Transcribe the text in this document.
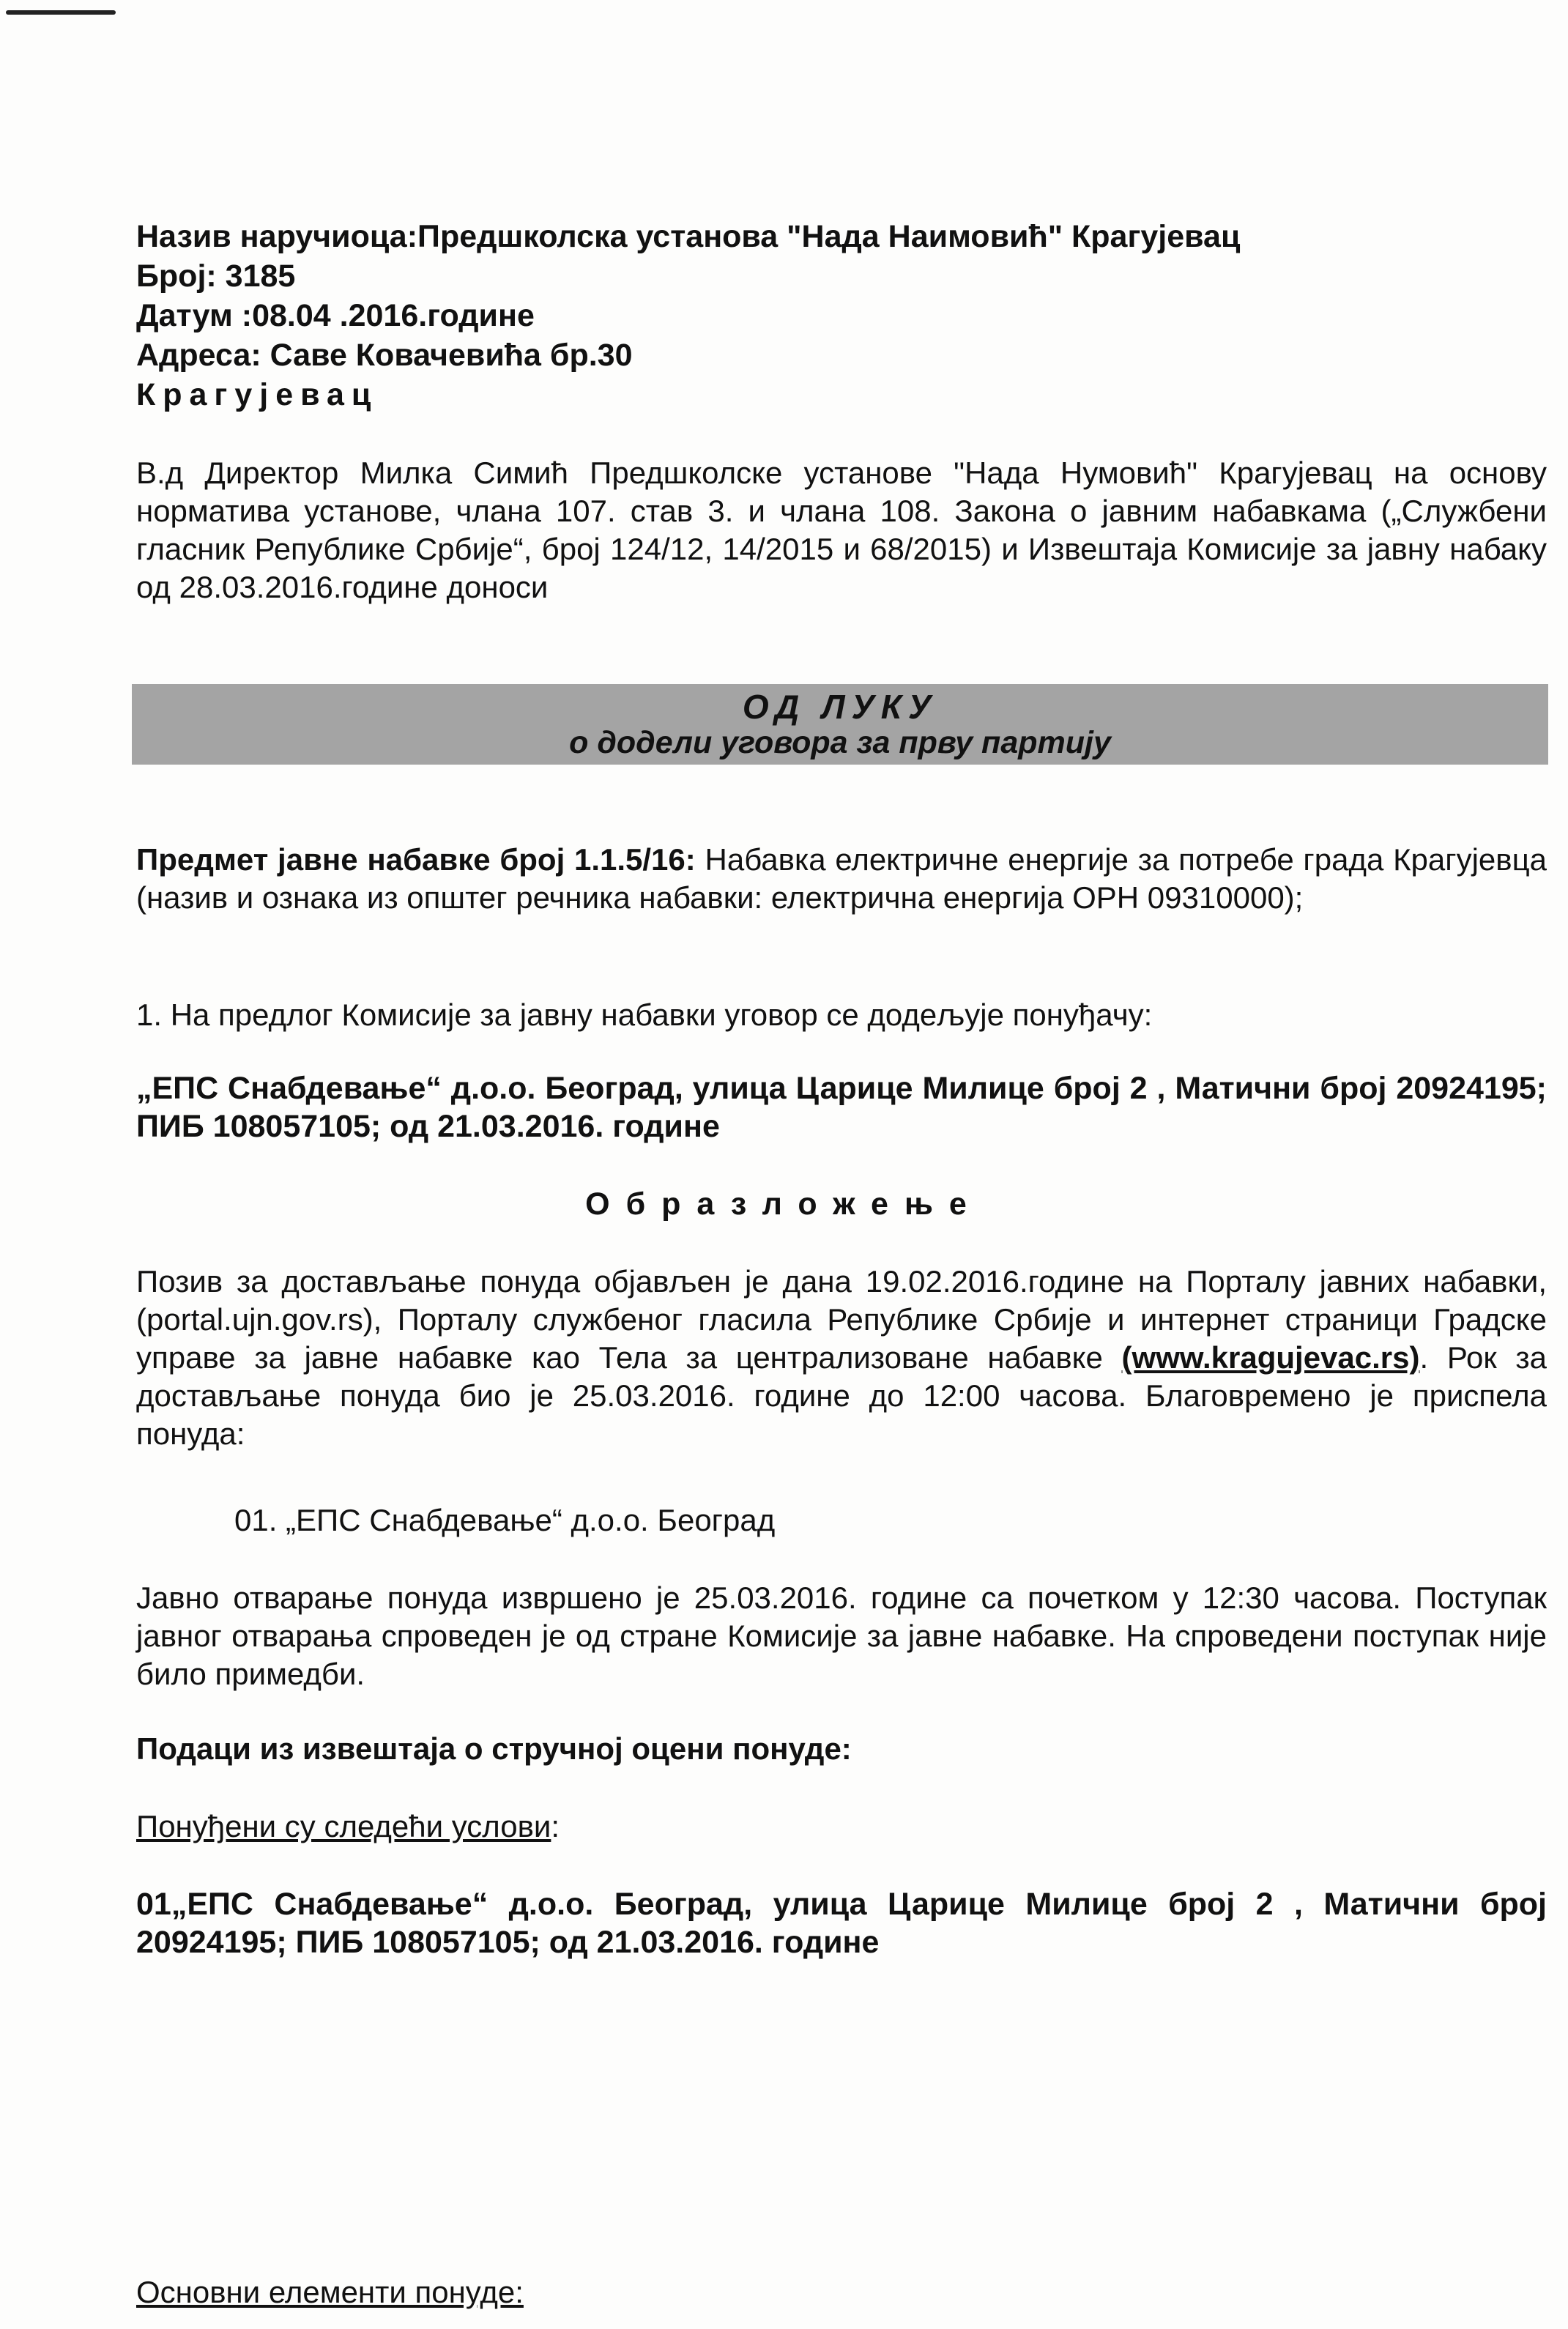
Назив наручиоца:Предшколска установа "Нада Наимовић" Крагујевац
Број: 3185
Датум :08.04 .2016.године
Адреса: Саве Ковачевића бр.30
Крагујевац

В.д Директор Милка Симић Предшколске установе "Нада Нумовић" Крагујевац на основу норматива установе, члана 107. став 3. и члана 108. Закона о јавним набавкама („Службени гласник Републике Србије“, број 124/12, 14/2015 и 68/2015) и Извештаја Комисије за јавну набаку од 28.03.2016.године доноси

ОД ЛУКУ
о додели уговора за прву партију

Предмет јавне набавке број 1.1.5/16: Набавка електричне енергије за потребе града Крагујевца (назив и ознака из општег речника набавки: електрична енергија ОРН 09310000);

1. На предлог Комисије за јавну набавки уговор се додељује понуђачу:

„ЕПС Снабдевање“ д.о.о. Београд, улица Царице Милице број 2 , Матични број 20924195; ПИБ 108057105; од 21.03.2016. године

Образложење

Позив за достављање понуда објављен је дана 19.02.2016.године на Порталу јавних набавки, (portal.ujn.gov.rs), Порталу службеног гласила Републике Србије и интернет страници Градске управе за јавне набавке као Тела за централизоване набавке (www.kragujevac.rs). Рок за достављање понуда био је 25.03.2016. године до 12:00 часова. Благовремено је приспела понуда:

01. „ЕПС Снабдевање“ д.о.о. Београд

Јавно отварање понуда извршено је 25.03.2016. године са почетком у 12:30 часова. Поступак јавног отварања спроведен је од стране Комисије за јавне набавке. На спроведени поступак није било примедби.

Подаци из извештаја о стручној оцени понуде:

Понуђени су следећи услови:

01„ЕПС Снабдевање“ д.о.о. Београд, улица Царице Милице број 2 , Матични број 20924195; ПИБ 108057105; од 21.03.2016. године

Основни елементи понуде:
